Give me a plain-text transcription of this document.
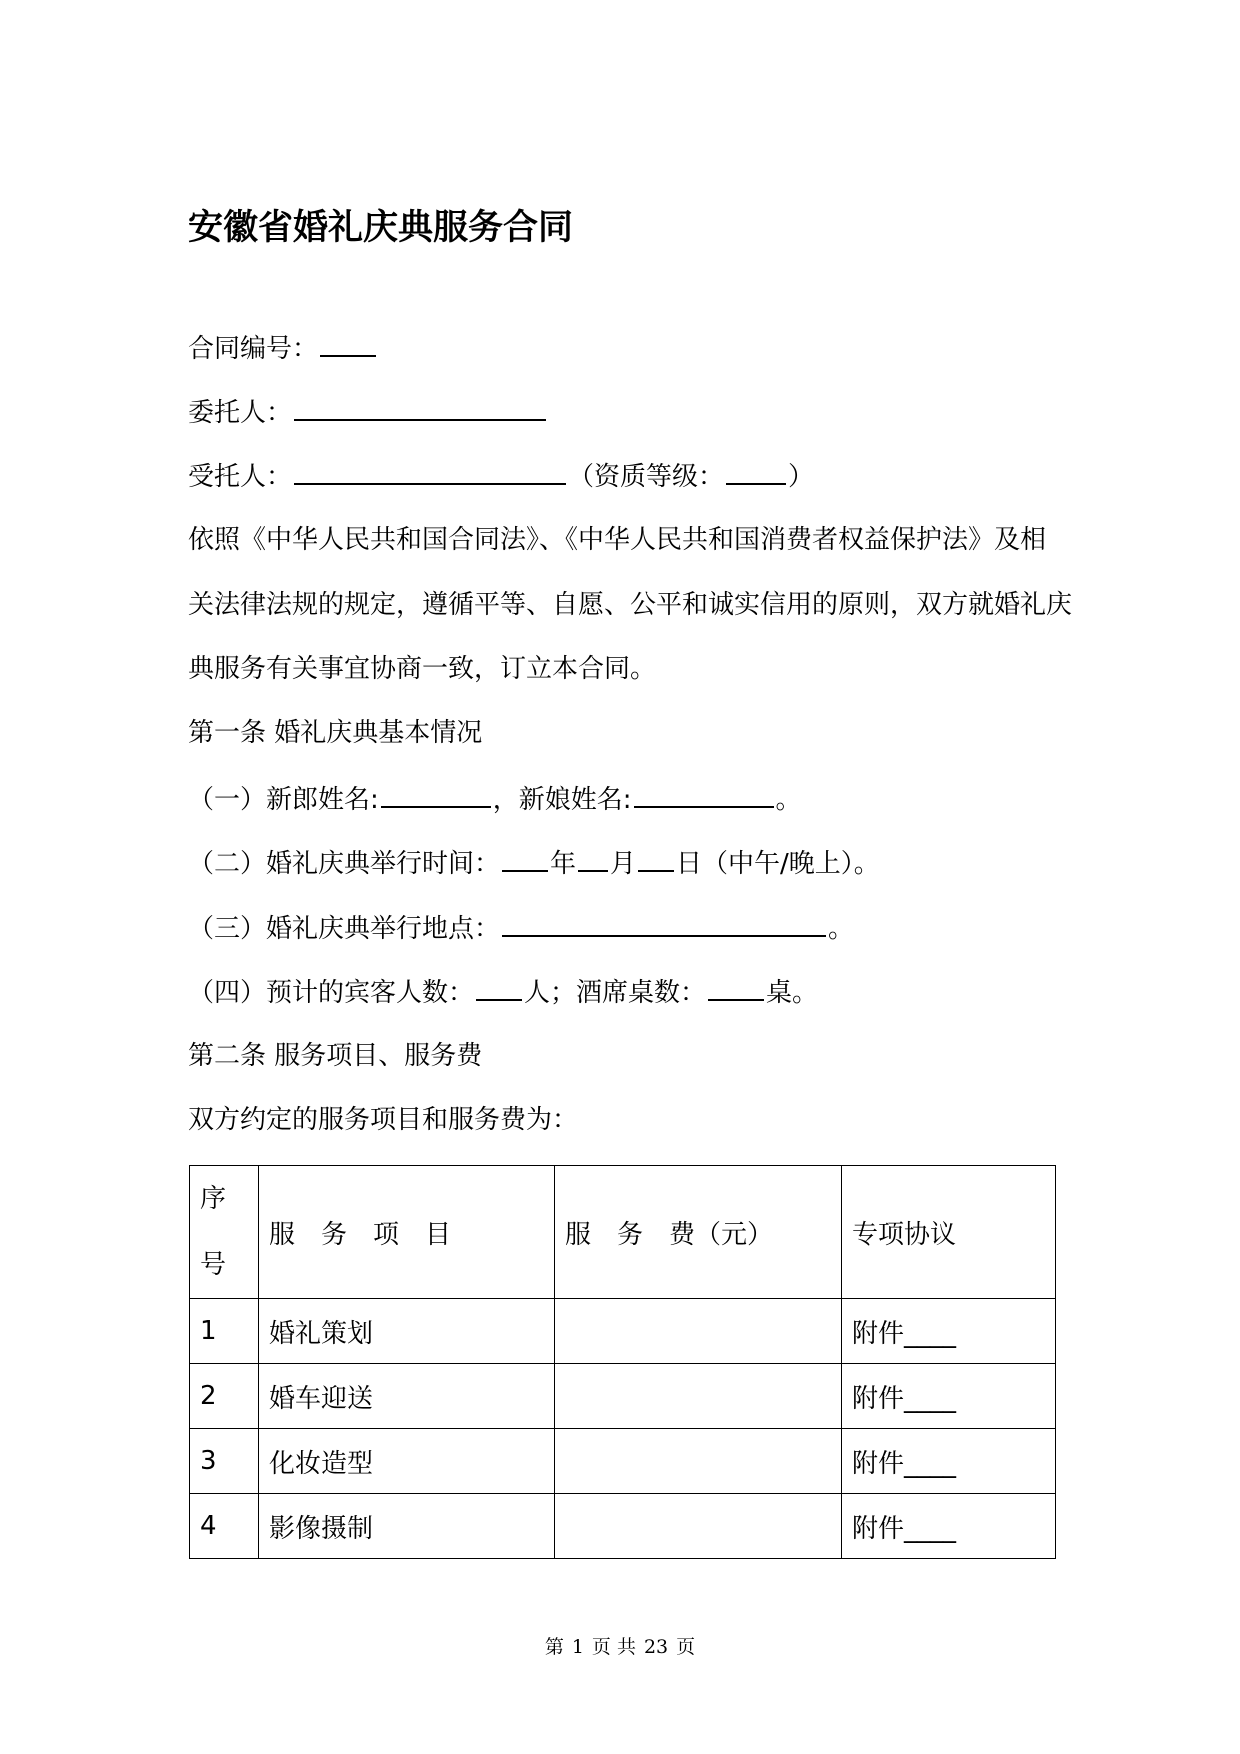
安徽省婚礼庆典服务合同
合同编号：
委托人：
受托人：	（资质等级： ）
依照《中华人民共和国合同法》、《中华人民共和国消费者权益保护法》及相
关法律法规的规定，遵循平等、自愿、公平和诚实信用的原则，双方就婚礼庆
典服务有关事宜协商一致，订立本合同。
第一条 婚礼庆典基本情况
（一）新郎姓名:	，新娘姓名:	。
（二）婚礼庆典举行时间： 年 月 日（中午/晚上）。
（三）婚礼庆典举行地点：	。
（四）预计的宾客人数： 人；酒席桌数： 桌。
第二条 服务项目、服务费
双方约定的服务项目和服务费为：
序
号	服　务　项　目	服　务　费（元）	专项协议
1	婚礼策划		附件____
2	婚车迎送		附件____
3	化妆造型		附件____
4	影像摄制		附件____
第 1 页 共 23 页
